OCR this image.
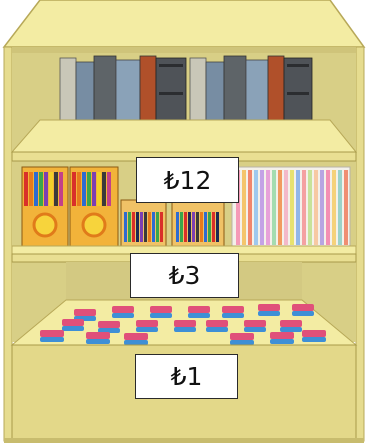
₺12
₺3
₺1
